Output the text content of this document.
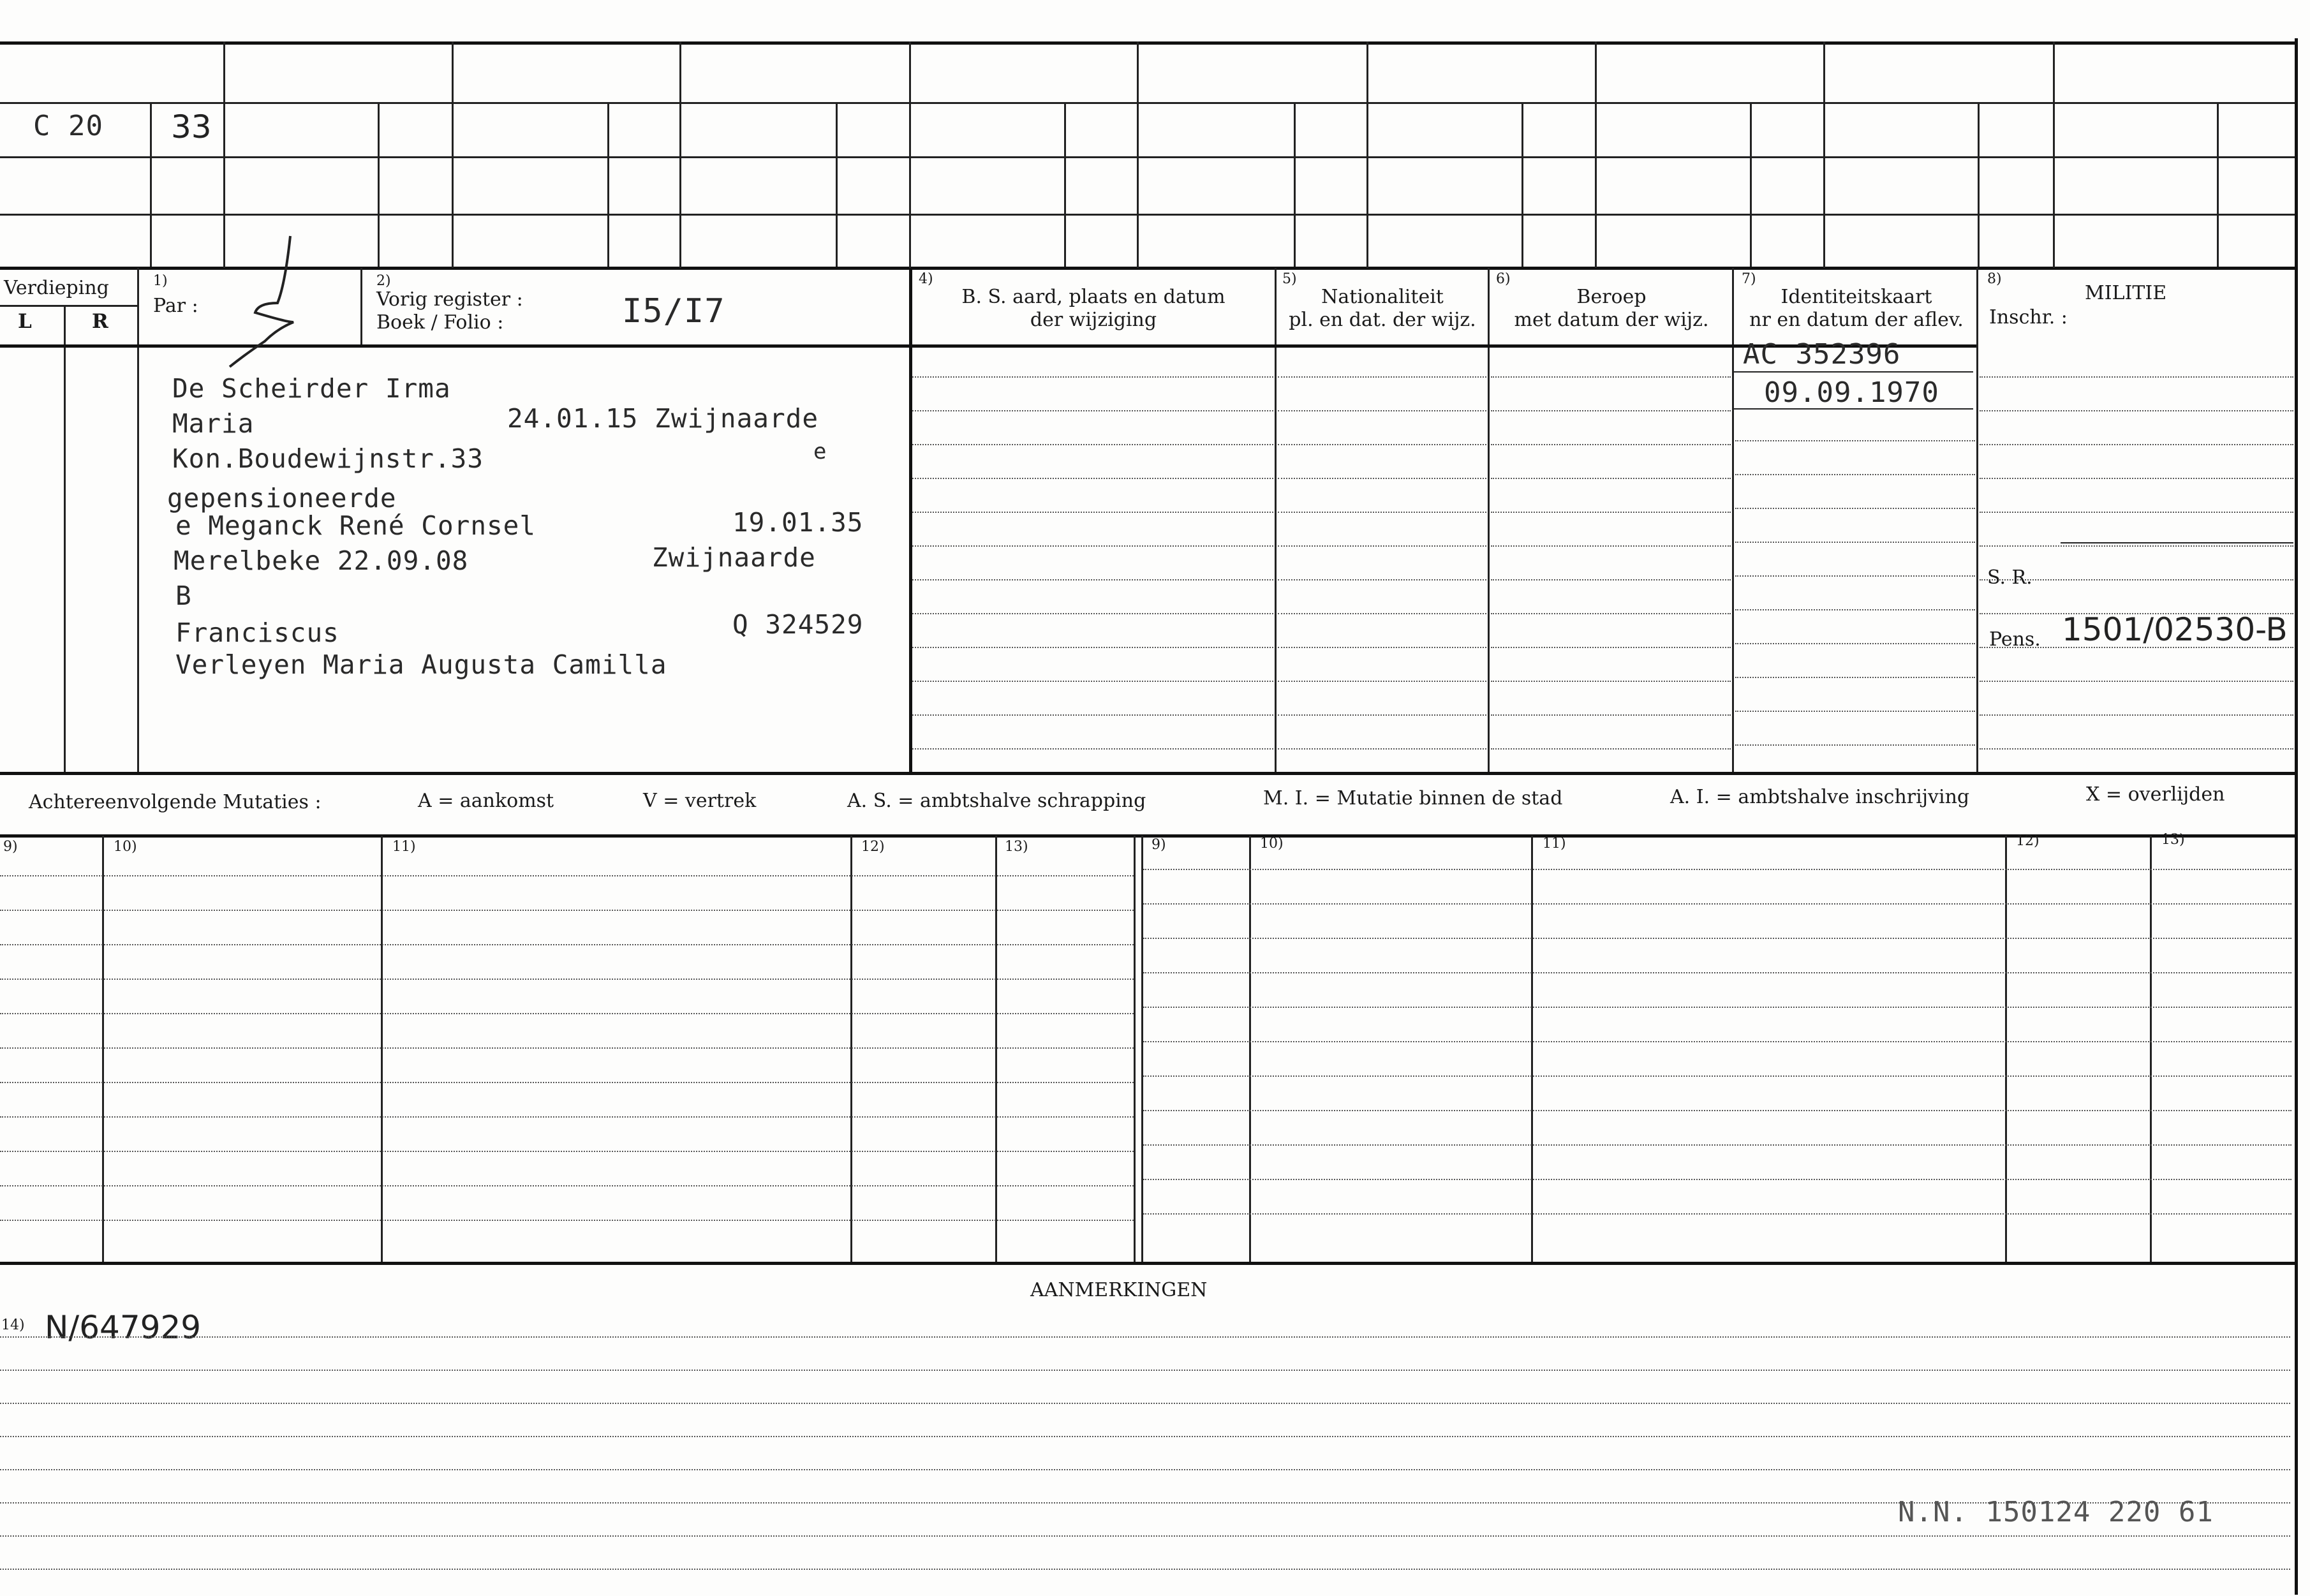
C 20 33
Verdieping
L	R
1)
Par :
2)
Vorig register :
Boek / Folio :	I5/I7
4)
B. S. aard, plaats en datum
der wijziging
5)
Nationaliteit
pl. en dat. der wijz.
6)
Beroep
met datum der wijz.
7)
Identiteitskaart
nr en datum der aflev.
8)
MILITIE
Inschr. :
De Scheirder Irma
Maria	24.01.15 Zwijnaarde
Kon.Boudewijnstr.33	e
gepensioneerde
e Meganck René Cornsel	19.01.35
Merelbeke 22.09.08	Zwijnaarde
B
Franciscus	Q 324529
Verleyen Maria Augusta Camilla
AC 352396
09.09.1970
S. R.
Pens. 1501/02530-B
Achtereenvolgende Mutaties :	A = aankomst	V = vertrek	A. S. = ambtshalve schrapping	M. I. = Mutatie binnen de stad	A. I. = ambtshalve inschrijving	X = overlijden
9)	10)	11)	12)	13)	9)	10)	11)	12)	13)
AANMERKINGEN
14) N/647929
N.N. 150124 220 61
